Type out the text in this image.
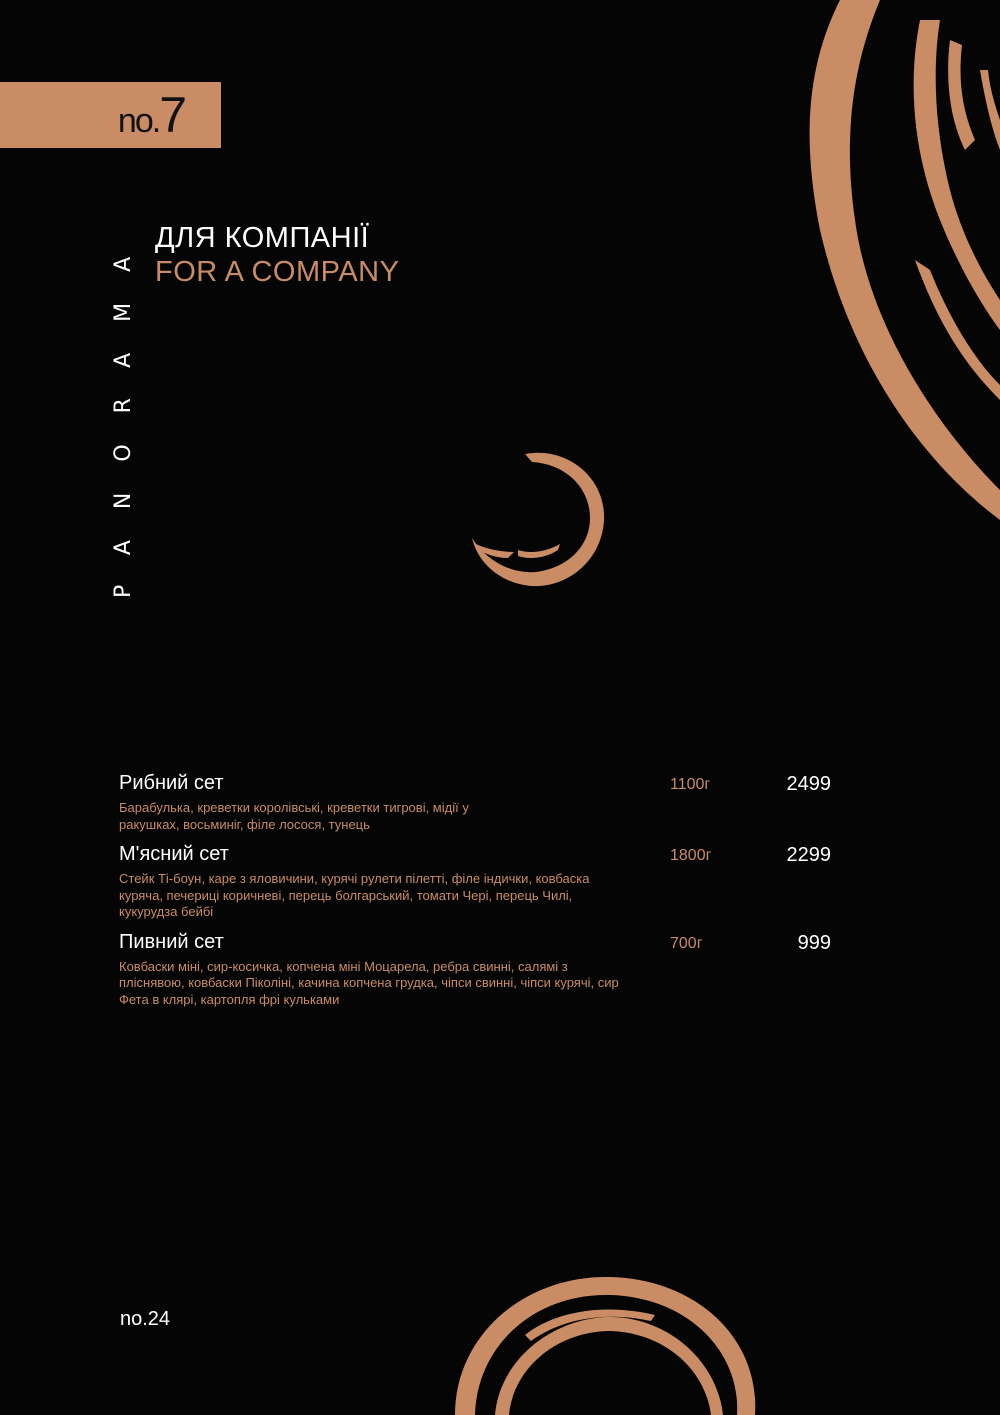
no.7
PANORAMA ДЛЯ КОМПАНІЇ
FOR A COMPANY
Рибний сет	1100г	2499
Барабулька, креветки королівські, креветки тигрові, мідії у ракушках, восьминіг, філе лосося, тунець
М'ясний сет	1800г	2299
Стейк Ті-боун, каре з яловичини, курячі рулети пілетті, філе індички, ковбаска куряча, печериці коричневі, перець болгарський, томати Чері, перець Чилі, кукурудза бейбі
Пивний сет	700г	999
Ковбаски міні, сир-косичка, копчена міні Моцарела, ребра свинні, салямі з пліснявою, ковбаски Піколіні, качина копчена грудка, чіпси свинні, чіпси курячі, сир Фета в клярі, картопля фрі кульками
no.24
